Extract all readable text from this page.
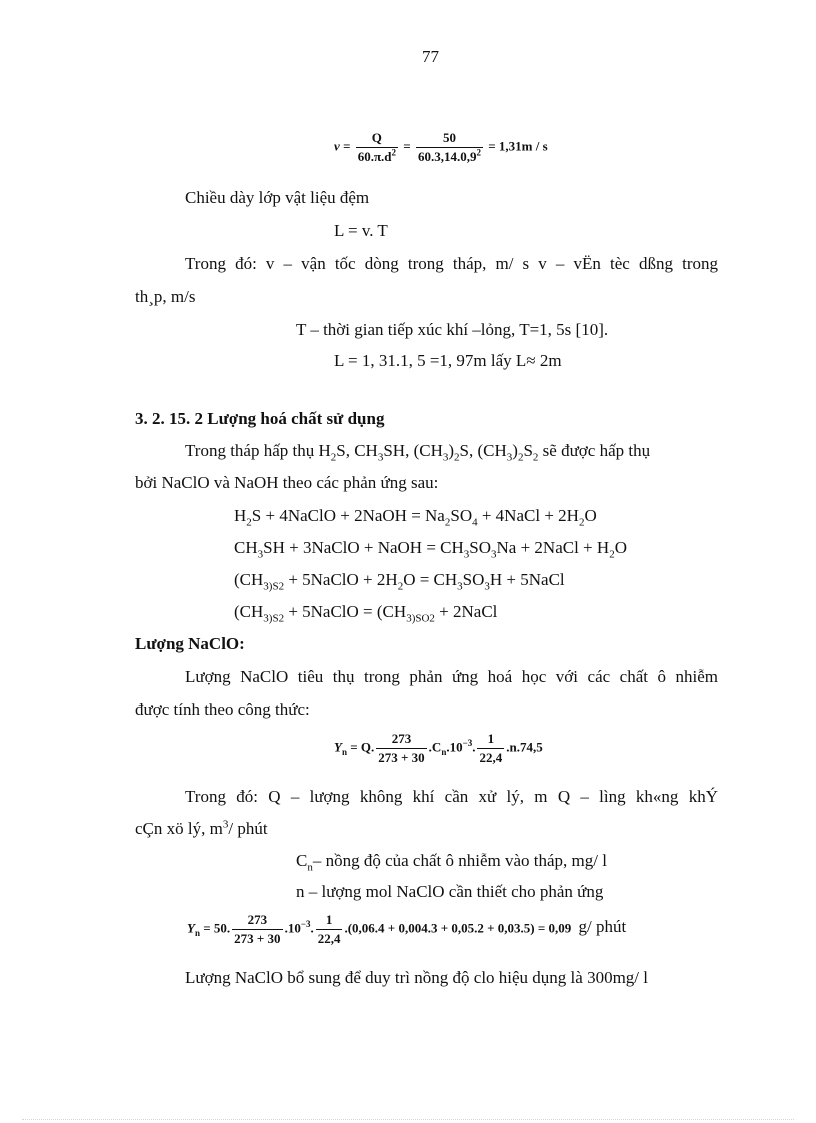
77
$v = \frac{Q}{60.\pi.d^2} = \frac{50}{60.3,14.0,9^2} = 1,31m / s$
Chiều dày lớp vật liệu đệm
L = v. T
Trong đó: v – vận tốc dòng trong tháp, m/ s v – vËn tèc dßng trong
th¸p, m/s
T – thời gian tiếp xúc khí –lỏng, T=1, 5s [10].
L = 1, 31.1, 5 =1, 97m lấy L≈ 2m
3. 2. 15. 2 Lượng hoá chất sử dụng
Trong tháp hấp thụ $H_2S$, $CH_3SH$, $(CH_3)_2S$, $(CH_3)_2S_2$ sẽ được hấp thụ
bởi NaClO và NaOH theo các phản ứng sau:
$H_2S$ + 4NaClO + 2NaOH = $Na_2SO_4$ + 4NaCl + $2H_2O$
$CH_3SH$ + 3NaClO + NaOH = $CH_3SO_3Na$ + 2NaCl + $H_2O$
($CH_{3)S2}$ + 5NaClO + $2H_2O = CH_3SO_3H$ + 5NaCl
($CH_{3)S2}$ + 5NaClO = ($CH_{3)SO2}$ + 2NaCl
Lượng NaClO:
Lượng NaClO tiêu thụ trong phản ứng hoá học với các chất ô nhiễm
được tính theo công thức:
$Y_n = Q$. $\frac{273}{273 + 30} .C_n.10^{-3}$. $\frac{1}{22,4} .n.74,5$
Trong đó: Q – lượng không khí cần xử lý, m Q – lìng kh«ng khÝ
cÇn xö lý, $m^3/$ phút
$C_n-$ nồng độ của chất ô nhiễm vào tháp, mg/ l
n – lượng mol NaClO cần thiết cho phản ứng
$Y_n = 50$. $\frac{273}{273 + 30} .10^{-3}$. $\frac{1}{22,4} .(0,06.4 + 0,004.3 + 0,05.2 + 0,03.5) = 0,09$ g/ phút
Lượng NaClO bổ sung để duy trì nồng độ clo hiệu dụng là 300mg/ l
